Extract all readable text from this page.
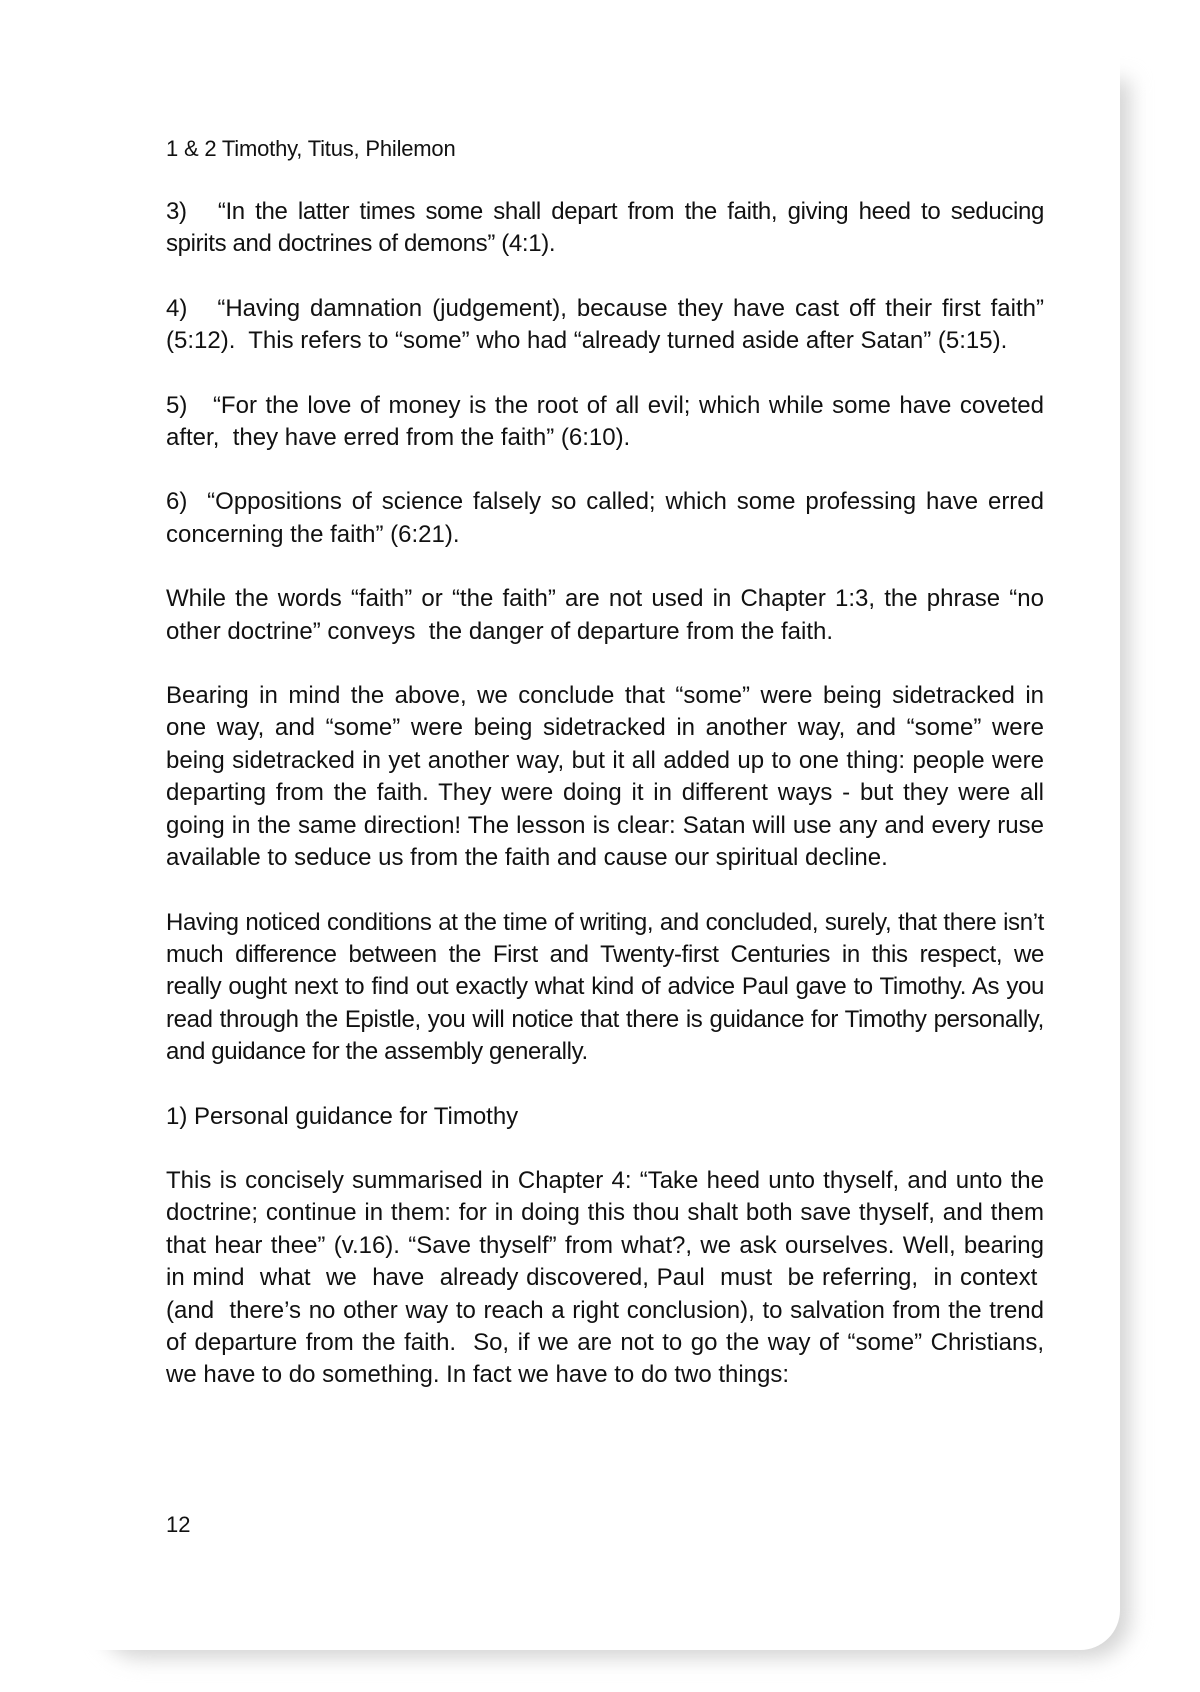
1 & 2 Timothy, Titus, Philemon

3)   “In the latter times some shall depart from the faith, giving heed to seducing spirits and doctrines of demons” (4:1).

4)   “Having damnation (judgement), because they have cast off their first faith” (5:12).  This refers to “some” who had “already turned aside after Satan” (5:15).

5)   “For the love of money is the root of all evil; which while some have coveted after,  they have erred from the faith” (6:10).

6)  “Oppositions of science falsely so called; which some professing have erred concerning the faith” (6:21).

While the words “faith” or “the faith” are not used in Chapter 1:3, the phrase “no other doctrine” conveys  the danger of departure from the faith.

Bearing in mind the above, we conclude that “some” were being sidetracked in one way, and “some” were being sidetracked in another way, and “some” were being sidetracked in yet another way, but it all added up to one thing: people were departing from the faith. They were doing it in different ways - but they were all going in the same direction! The lesson is clear: Satan will use any and every ruse available to seduce us from the faith and cause our spiritual decline.

Having noticed conditions at the time of writing, and concluded, surely, that there isn’t much difference between the First and Twenty-first Centuries in this respect, we really ought next to find out exactly what kind of advice Paul gave to Timothy. As you read through the Epistle, you will notice that there is guidance for Timothy personally, and guidance for the assembly generally.

1) Personal guidance for Timothy

This is concisely summarised in Chapter 4: “Take heed unto thyself, and unto the doctrine; continue in them: for in doing this thou shalt both save thyself, and them that hear thee” (v.16). “Save thyself” from what?, we ask ourselves. Well, bearing in mind  what  we  have  already discovered, Paul  must  be referring,  in context  (and  there’s no other way to reach a right conclusion), to salvation from the trend of departure from the faith.  So, if we are not to go the way of “some” Christians, we have to do something. In fact we have to do two things:

12
